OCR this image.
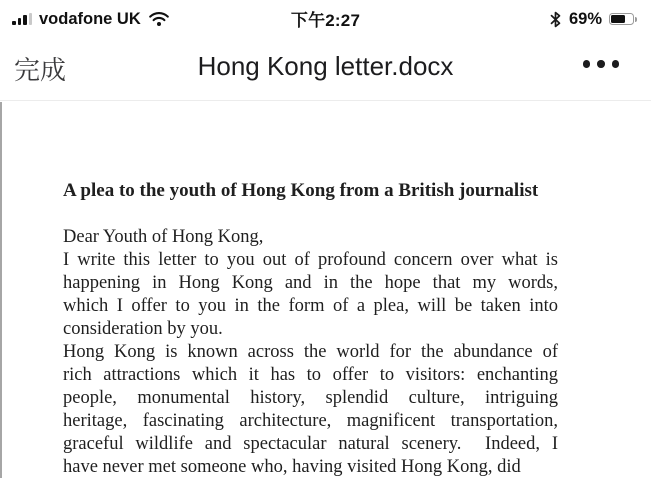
vodafone UK	下午2:27	69%
完成	Hong Kong letter.docx
A plea to the youth of Hong Kong from a British journalist
Dear Youth of Hong Kong,
I write this letter to you out of profound concern over what is
happening in Hong Kong and in the hope that my words,
which I offer to you in the form of a plea, will be taken into
consideration by you.
Hong Kong is known across the world for the abundance of
rich attractions which it has to offer to visitors: enchanting
people, monumental history, splendid culture, intriguing
heritage, fascinating architecture, magnificent transportation,
graceful wildlife and spectacular natural scenery.  Indeed, I
have never met someone who, having visited Hong Kong, did
